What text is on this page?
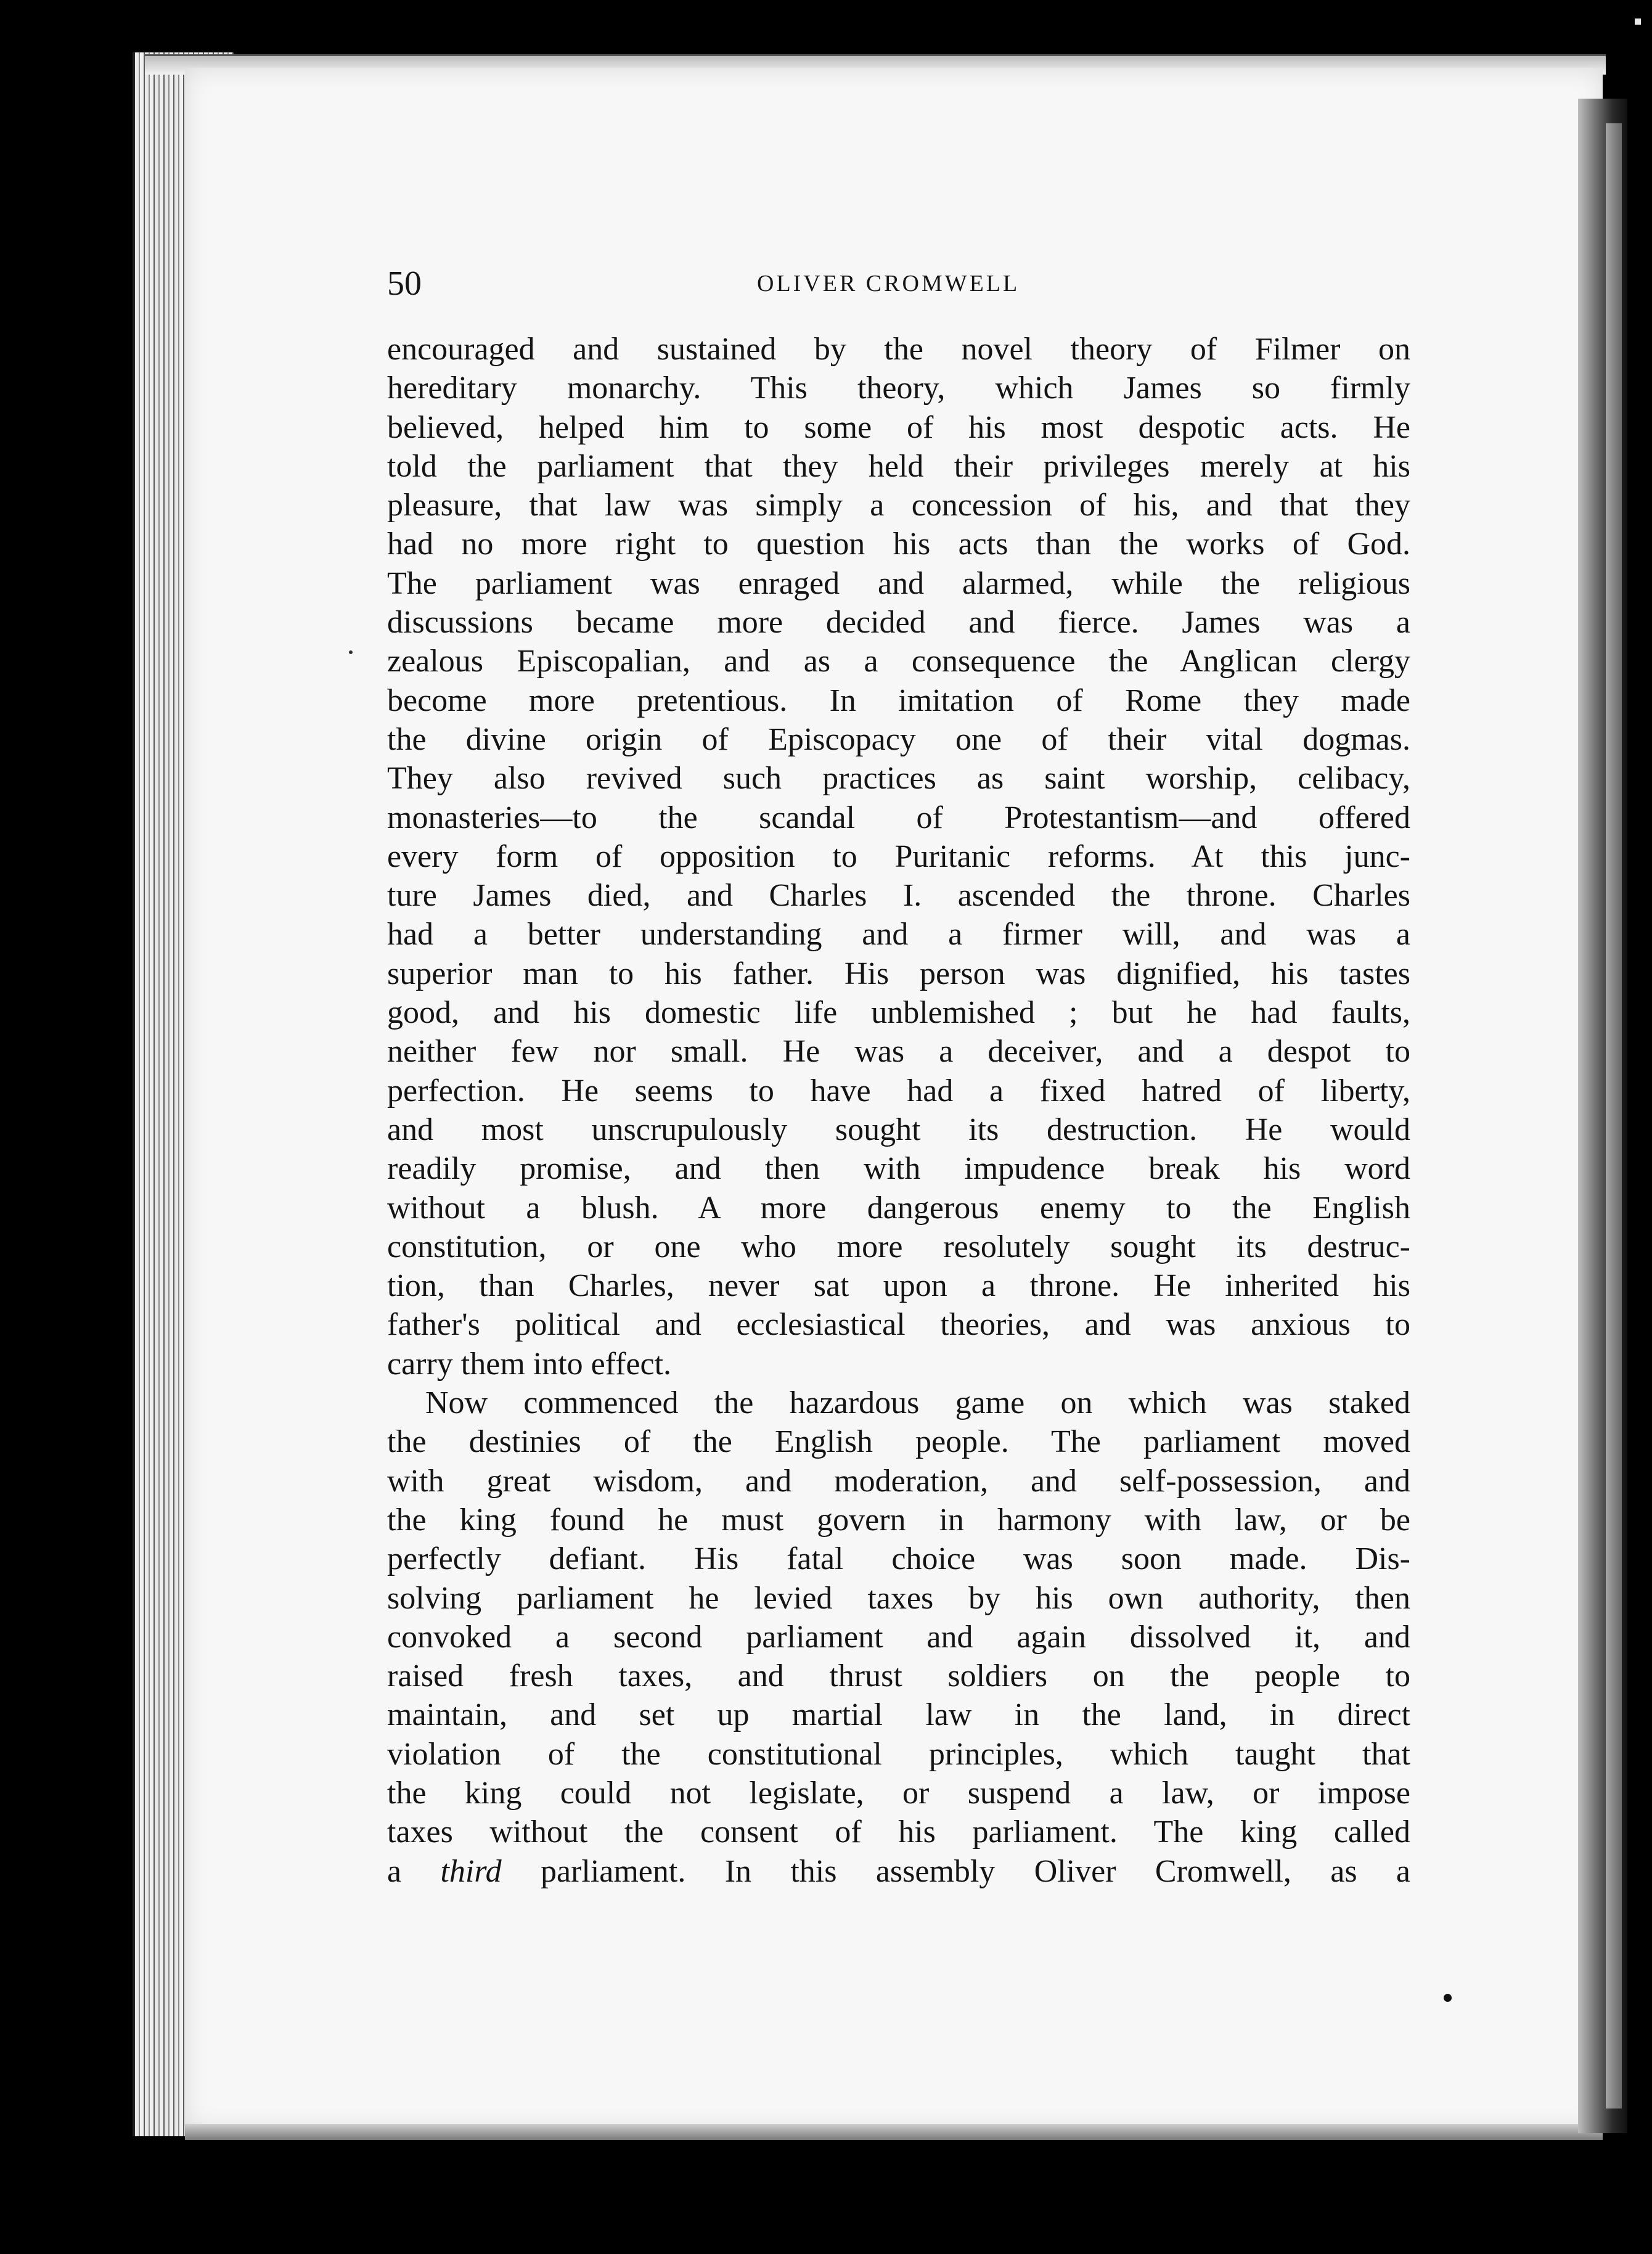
50	OLIVER CROMWELL
encouraged and sustained by the novel theory of Filmer on
hereditary monarchy. This theory, which James so firmly
believed, helped him to some of his most despotic acts. He
told the parliament that they held their privileges merely at his
pleasure, that law was simply a concession of his, and that they
had no more right to question his acts than the works of God.
The parliament was enraged and alarmed, while the religious
discussions became more decided and fierce. James was a
zealous Episcopalian, and as a consequence the Anglican clergy
become more pretentious. In imitation of Rome they made
the divine origin of Episcopacy one of their vital dogmas.
They also revived such practices as saint worship, celibacy,
monasteries—to the scandal of Protestantism—and offered
every form of opposition to Puritanic reforms. At this junc-
ture James died, and Charles I. ascended the throne. Charles
had a better understanding and a firmer will, and was a
superior man to his father. His person was dignified, his tastes
good, and his domestic life unblemished ; but he had faults,
neither few nor small. He was a deceiver, and a despot to
perfection. He seems to have had a fixed hatred of liberty,
and most unscrupulously sought its destruction. He would
readily promise, and then with impudence break his word
without a blush. A more dangerous enemy to the English
constitution, or one who more resolutely sought its destruc-
tion, than Charles, never sat upon a throne. He inherited his
father's political and ecclesiastical theories, and was anxious to
carry them into effect.
Now commenced the hazardous game on which was staked
the destinies of the English people. The parliament moved
with great wisdom, and moderation, and self-possession, and
the king found he must govern in harmony with law, or be
perfectly defiant. His fatal choice was soon made. Dis-
solving parliament he levied taxes by his own authority, then
convoked a second parliament and again dissolved it, and
raised fresh taxes, and thrust soldiers on the people to
maintain, and set up martial law in the land, in direct
violation of the constitutional principles, which taught that
the king could not legislate, or suspend a law, or impose
taxes without the consent of his parliament. The king called
a third parliament. In this assembly Oliver Cromwell, as a
